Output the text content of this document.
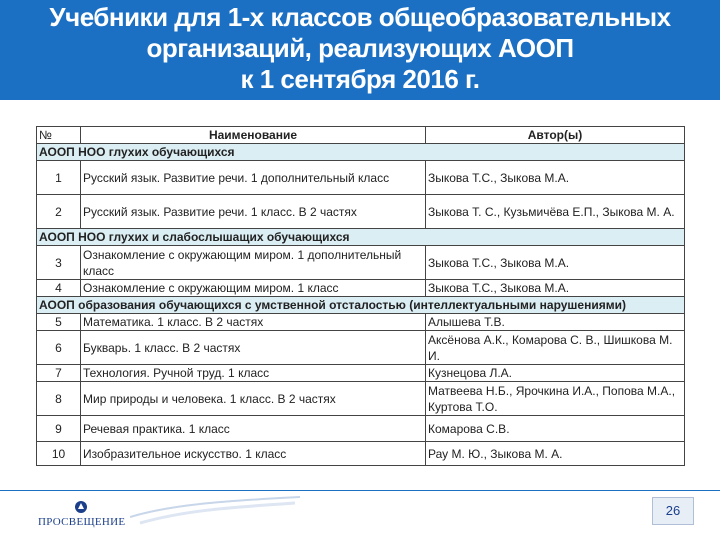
Учебники для 1-х классов общеобразовательных
организаций, реализующих АООП
к 1 сентября 2016 г.
№	Наименование	Автор(ы)
АООП НОО глухих обучающихся		
1	Русский язык. Развитие речи. 1 дополнительный класс	Зыкова Т.С., Зыкова М.А.
2	Русский язык. Развитие речи. 1 класс. В 2 частях	Зыкова Т. С., Кузьмичёва Е.П., Зыкова М. А.
АООП НОО глухих и слабослышащих обучающихся		
3	Ознакомление с окружающим миром. 1 дополнительный класс	Зыкова Т.С., Зыкова М.А.
4	Ознакомление с окружающим миром. 1 класс	Зыкова Т.С., Зыкова М.А.
АООП образования обучающихся с умственной отсталостью (интеллектуальными нарушениями)		
5	Математика. 1 класс. В 2 частях	Алышева Т.В.
6	Букварь. 1 класс. В 2 частях	Аксёнова А.К., Комарова С. В., Шишкова М. И.
7	Технология. Ручной труд. 1 класс	Кузнецова Л.А.
8	Мир природы и человека. 1 класс. В 2 частях	Матвеева Н.Б., Ярочкина И.А., Попова М.А., Куртова Т.О.
9	Речевая практика. 1 класс	Комарова С.В.
10	Изобразительное искусство. 1 класс	Рау М. Ю., Зыкова М. А.
ПРОСВЕЩЕНИЕ
26
